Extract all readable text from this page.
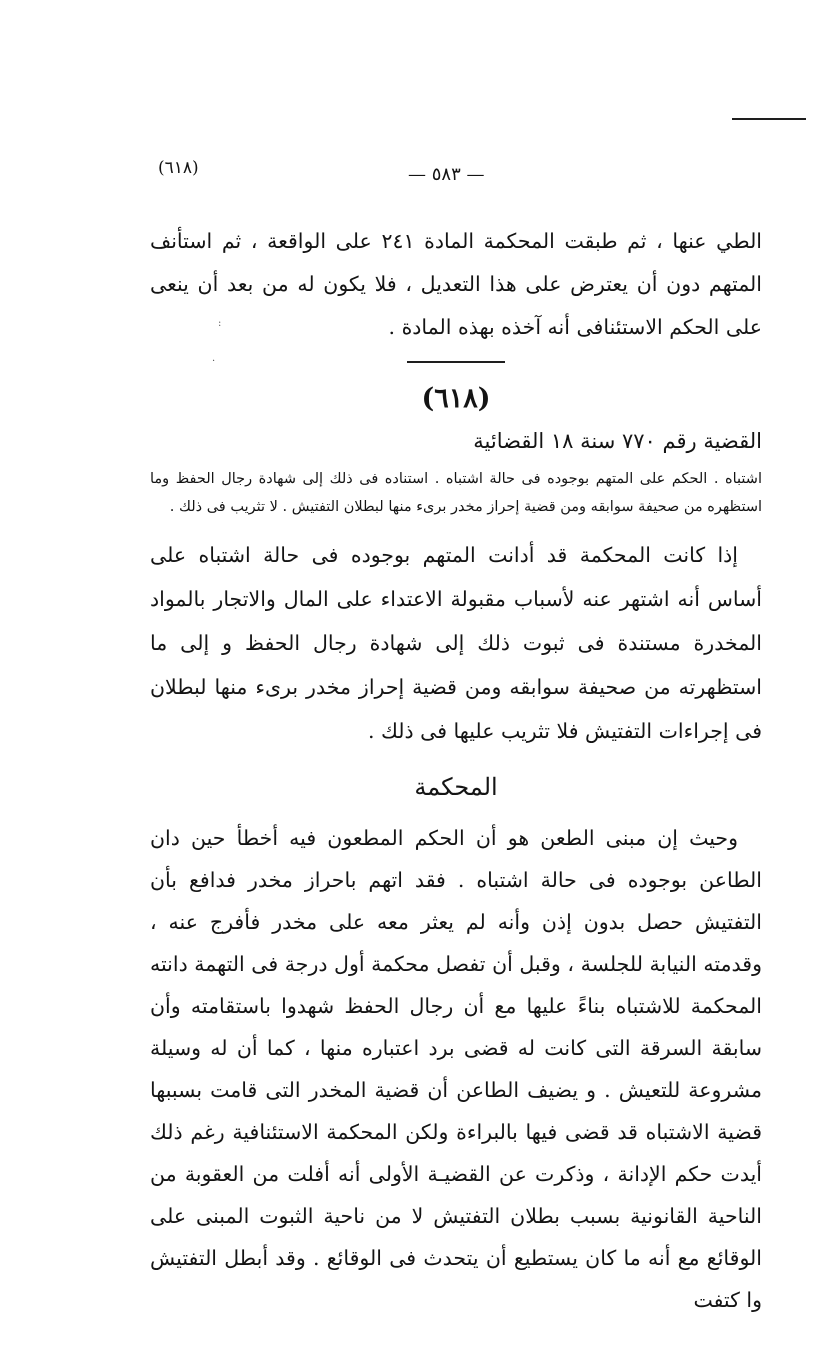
(٦١٨)	— ٥٨٣ —
:
·

الطي عنها ، ثم طبقت المحكمة المادة ٢٤١ على الواقعة ، ثم استأنف المتهم دون أن يعترض على هذا التعديل ، فلا يكون له من بعد أن ينعى على الحكم الاستئنافى أنه آخذه بهذه المادة .

(٦١٨)
القضية رقم ٧٧٠ سنة ١٨ القضائية

اشتباه . الحكم على المتهم بوجوده فى حالة اشتباه . استناده فى ذلك إلى شهادة رجال الحفظ وما استظهره من صحيفة سوابقه ومن قضية إحراز مخدر برىء منها لبطلان التفتيش . لا تثريب فى ذلك .

إذا كانت المحكمة قد أدانت المتهم بوجوده فى حالة اشتباه على أساس أنه اشتهر عنه لأسباب مقبولة الاعتداء على المال والاتجار بالمواد المخدرة مستندة فى ثبوت ذلك إلى شهادة رجال الحفظ و إلى ما استظهرته من صحيفة سوابقه ومن قضية إحراز مخدر برىء منها لبطلان فى إجراءات التفتيش فلا تثريب عليها فى ذلك .

المحكمة

وحيث إن مبنى الطعن هو أن الحكم المطعون فيه أخطأ حين دان الطاعن بوجوده فى حالة اشتباه . فقد اتهم باحراز مخدر فدافع بأن التفتيش حصل بدون إذن وأنه لم يعثر معه على مخدر فأفرج عنه ، وقدمته النيابة للجلسة ، وقبل أن تفصل محكمة أول درجة فى التهمة دانته المحكمة للاشتباه بناءً عليها مع أن رجال الحفظ شهدوا باستقامته وأن سابقة السرقة التى كانت له قضى برد اعتباره منها ، كما أن له وسيلة مشروعة للتعيش . و يضيف الطاعن أن قضية المخدر التى قامت بسببها قضية الاشتباه قد قضى فيها بالبراءة ولكن المحكمة الاستئنافية رغم ذلك أيدت حكم الإدانة ، وذكرت عن القضيـة الأولى أنه أفلت من العقوبة من الناحية القانونية بسبب بطلان التفتيش لا من ناحية الثبوت المبنى على الوقائع مع أنه ما كان يستطيع أن يتحدث فى الوقائع . وقد أبطل التفتيش وا كتفت
